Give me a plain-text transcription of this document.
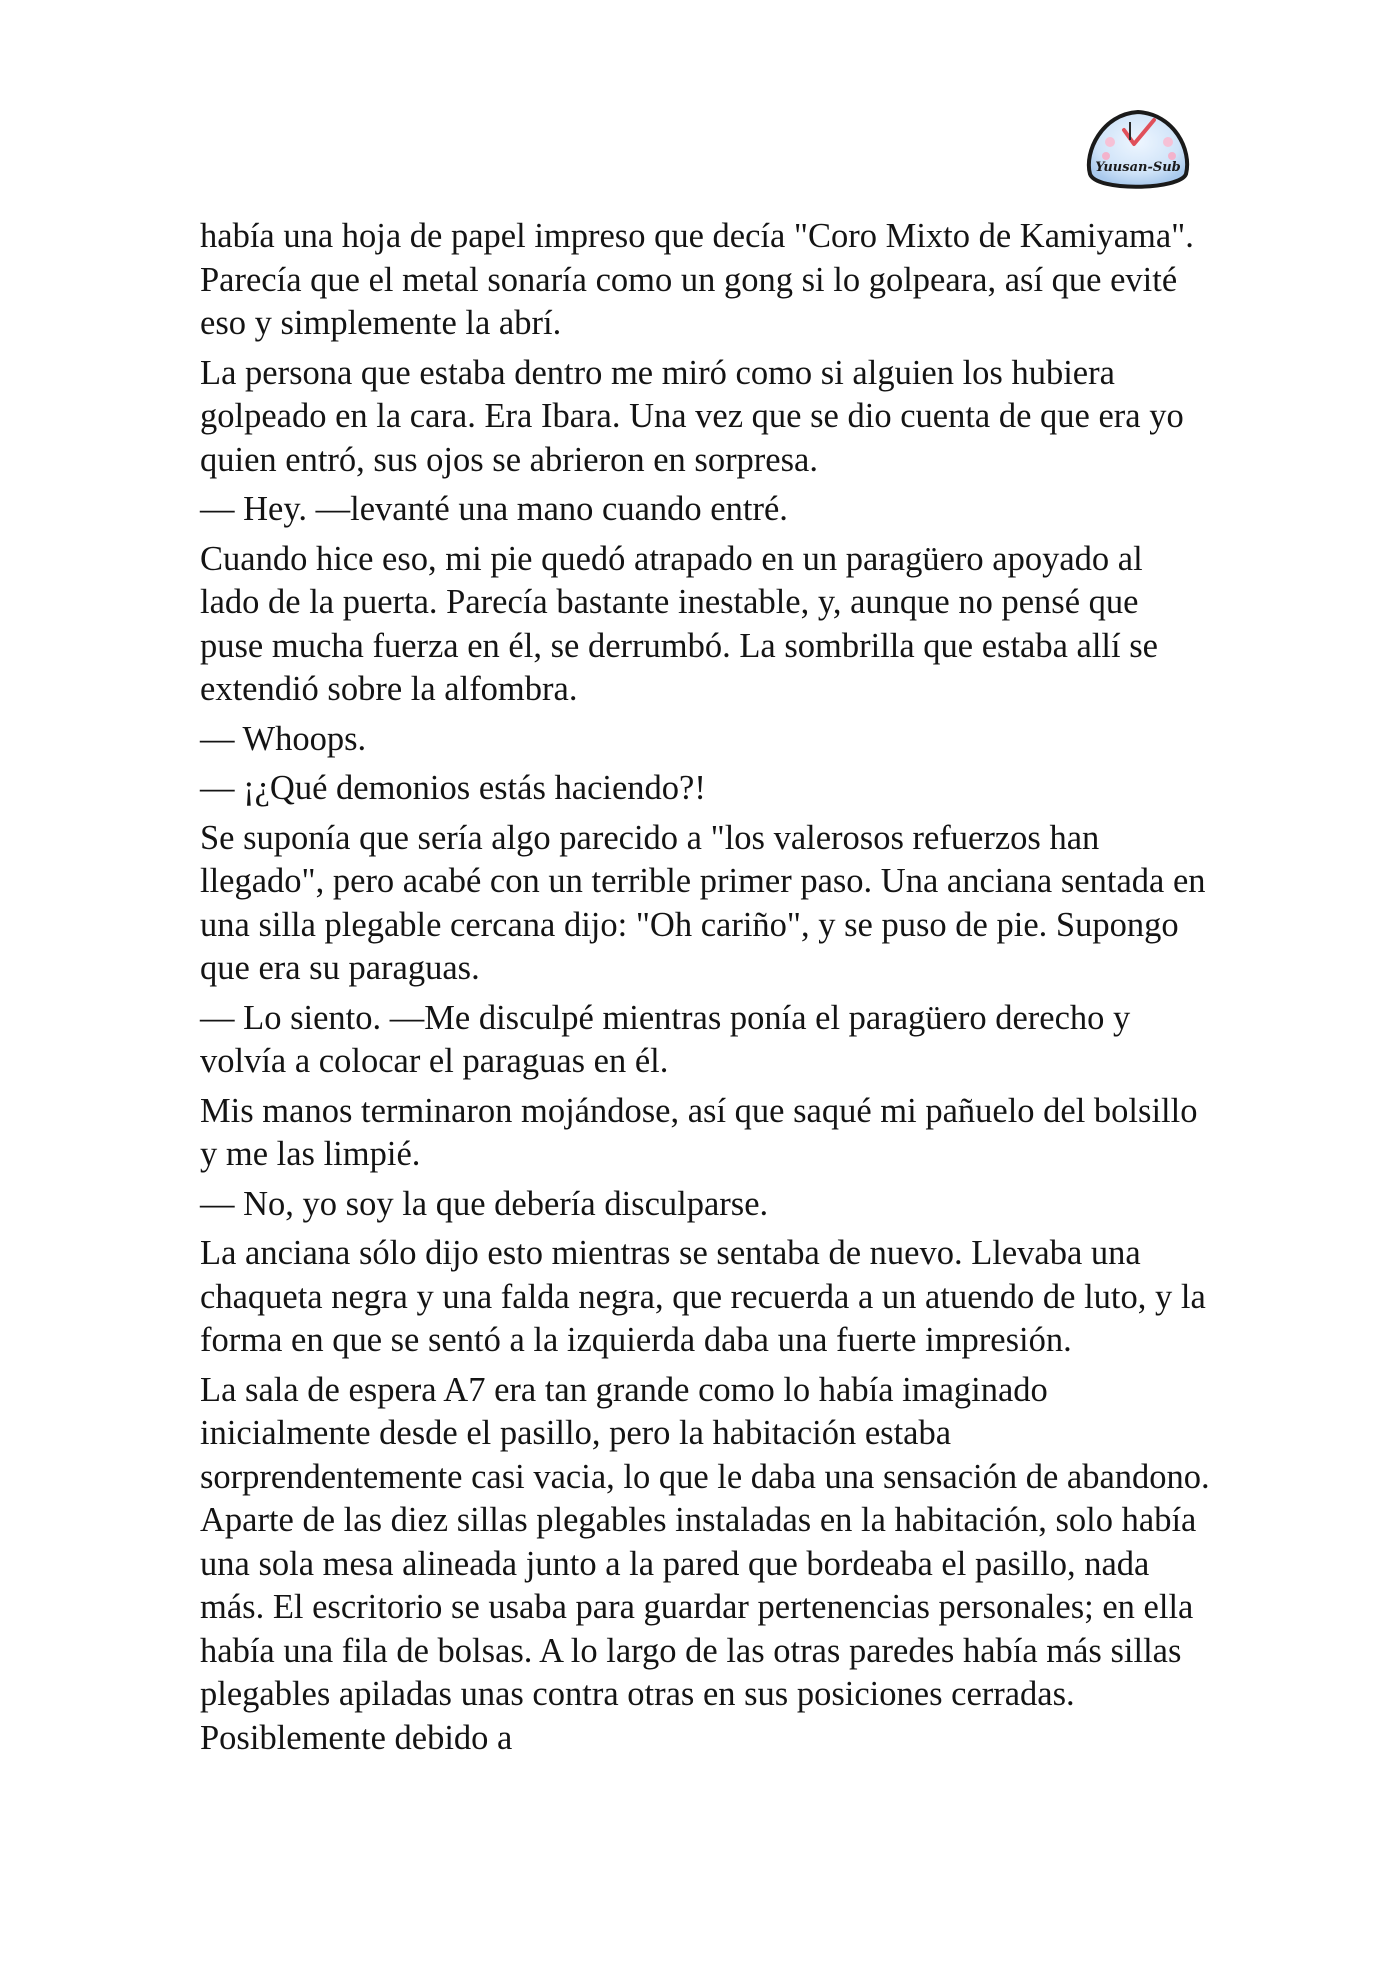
Yuusan-Sub

había una hoja de papel impreso que decía "Coro Mixto de Kamiyama". Parecía que el metal sonaría como un gong si lo golpeara, así que evité eso y simplemente la abrí.

La persona que estaba dentro me miró como si alguien los hubiera golpeado en la cara. Era Ibara. Una vez que se dio cuenta de que era yo quien entró, sus ojos se abrieron en sorpresa.

— Hey. —levanté una mano cuando entré.

Cuando hice eso, mi pie quedó atrapado en un paragüero apoyado al lado de la puerta. Parecía bastante inestable, y, aunque no pensé que puse mucha fuerza en él, se derrumbó. La sombrilla que estaba allí se extendió sobre la alfombra.

— Whoops.

— ¡¿Qué demonios estás haciendo?!

Se suponía que sería algo parecido a "los valerosos refuerzos han llegado", pero acabé con un terrible primer paso. Una anciana sentada en una silla plegable cercana dijo: "Oh cariño", y se puso de pie. Supongo que era su paraguas.

— Lo siento. —Me disculpé mientras ponía el paragüero derecho y volvía a colocar el paraguas en él.

Mis manos terminaron mojándose, así que saqué mi pañuelo del bolsillo y me las limpié.

— No, yo soy la que debería disculparse.

La anciana sólo dijo esto mientras se sentaba de nuevo. Llevaba una chaqueta negra y una falda negra, que recuerda a un atuendo de luto, y la forma en que se sentó a la izquierda daba una fuerte impresión.

La sala de espera A7 era tan grande como lo había imaginado inicialmente desde el pasillo, pero la habitación estaba sorprendentemente casi vacia, lo que le daba una sensación de abandono. Aparte de las diez sillas plegables instaladas en la habitación, solo había una sola mesa alineada junto a la pared que bordeaba el pasillo, nada más. El escritorio se usaba para guardar pertenencias personales; en ella había una fila de bolsas. A lo largo de las otras paredes había más sillas plegables apiladas unas contra otras en sus posiciones cerradas. Posiblemente debido a
